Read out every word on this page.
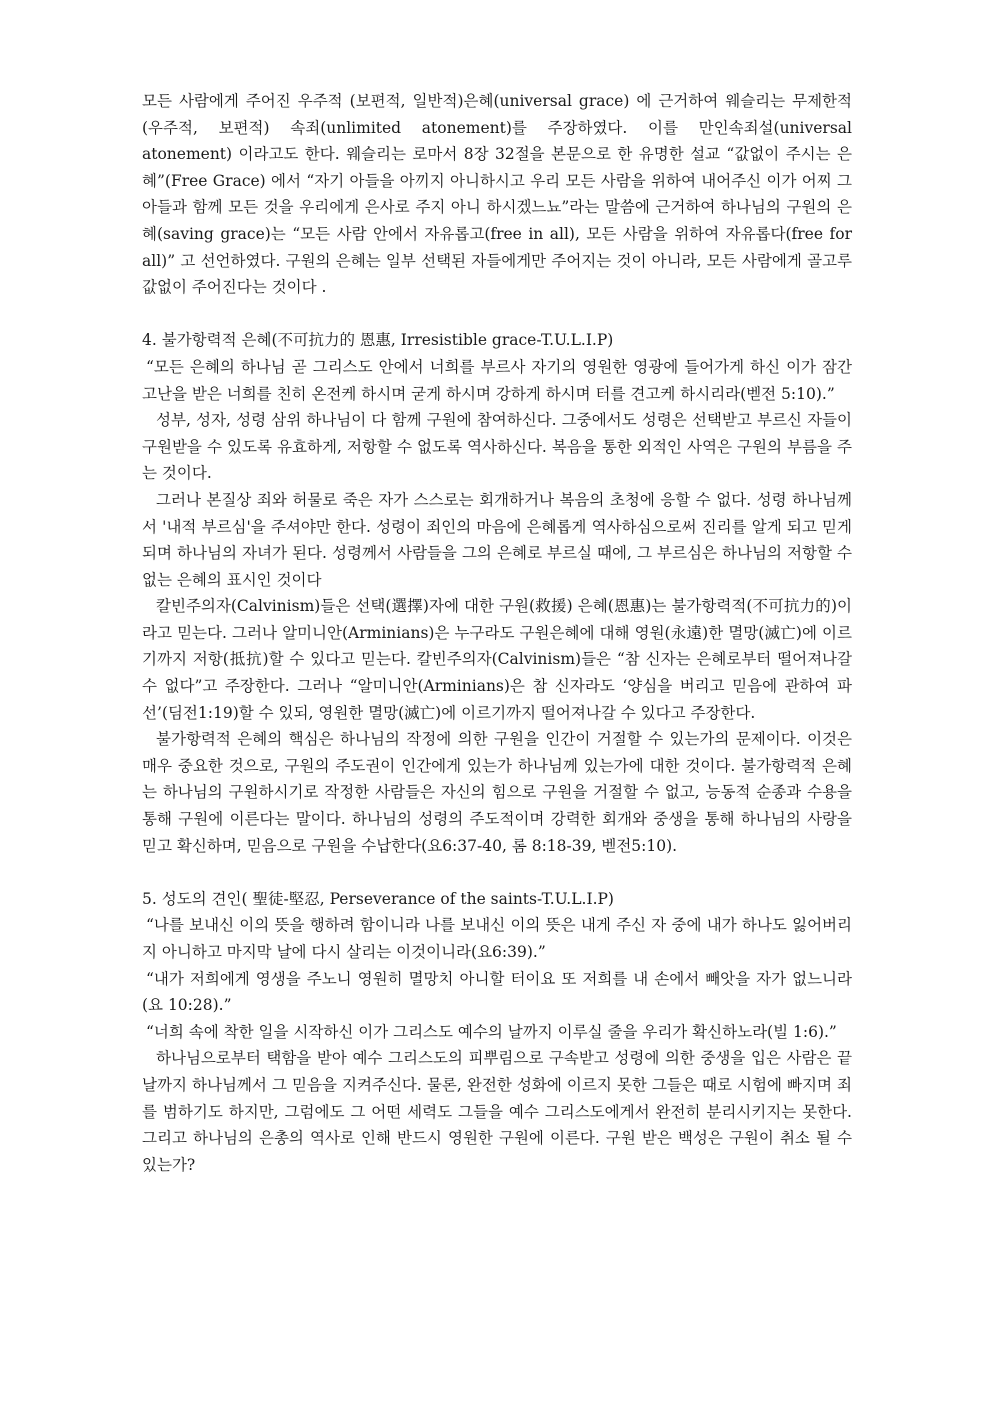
모든 사람에게 주어진 우주적 (보편적, 일반적)은혜(universal grace) 에 근거하여 웨슬리는 무제한적 (우주적, 보편적) 속죄(unlimited atonement)를 주장하였다. 이를 만인속죄설(universal atonement) 이라고도 한다. 웨슬리는 로마서 8장 32절을 본문으로 한 유명한 설교 “값없이 주시는 은혜”(Free Grace) 에서 “자기 아들을 아끼지 아니하시고 우리 모든 사람을 위하여 내어주신 이가 어찌 그 아들과 함께 모든 것을 우리에게 은사로 주지 아니 하시겠느뇨”라는 말씀에 근거하여 하나님의 구원의 은혜(saving grace)는 “모든 사람 안에서 자유롭고(free in all), 모든 사람을 위하여 자유롭다(free for all)” 고 선언하였다. 구원의 은혜는 일부 선택된 자들에게만 주어지는 것이 아니라, 모든 사람에게 골고루 값없이 주어진다는 것이다 .

4. 불가항력적 은혜(不可抗力的 恩惠, Irresistible grace-T.U.L.I.P)

“모든 은혜의 하나님 곧 그리스도 안에서 너희를 부르사 자기의 영원한 영광에 들어가게 하신 이가 잠간 고난을 받은 너희를 친히 온전케 하시며 굳게 하시며 강하게 하시며 터를 견고케 하시리라(벧전 5:10).”

성부, 성자, 성령 삼위 하나님이 다 함께 구원에 참여하신다. 그중에서도 성령은 선택받고 부르신 자들이 구원받을 수 있도록 유효하게, 저항할 수 없도록 역사하신다. 복음을 통한 외적인 사역은 구원의 부름을 주는 것이다.

그러나 본질상 죄와 허물로 죽은 자가 스스로는 회개하거나 복음의 초청에 응할 수 없다. 성령 하나님께서 '내적 부르심'을 주셔야만 한다. 성령이 죄인의 마음에 은혜롭게 역사하심으로써 진리를 알게 되고 믿게 되며 하나님의 자녀가 된다. 성령께서 사람들을 그의 은혜로 부르실 때에, 그 부르심은 하나님의 저항할 수 없는 은혜의 표시인 것이다

칼빈주의자(Calvinism)들은 선택(選擇)자에 대한 구원(救援) 은혜(恩惠)는 불가항력적(不可抗力的)이라고 믿는다. 그러나 알미니안(Arminians)은 누구라도 구원은혜에 대해 영원(永遠)한 멸망(滅亡)에 이르기까지 저항(抵抗)할 수 있다고 믿는다. 칼빈주의자(Calvinism)들은 “참 신자는 은혜로부터 떨어져나갈 수 없다”고 주장한다. 그러나 “알미니안(Arminians)은 참 신자라도 ‘양심을 버리고 믿음에 관하여 파선’(딤전1:19)할 수 있되, 영원한 멸망(滅亡)에 이르기까지 떨어져나갈 수 있다고 주장한다.

불가항력적 은혜의 핵심은 하나님의 작정에 의한 구원을 인간이 거절할 수 있는가의 문제이다. 이것은 매우 중요한 것으로, 구원의 주도권이 인간에게 있는가 하나님께 있는가에 대한 것이다. 불가항력적 은혜는 하나님의 구원하시기로 작정한 사람들은 자신의 힘으로 구원을 거절할 수 없고, 능동적 순종과 수용을 통해 구원에 이른다는 말이다. 하나님의 성령의 주도적이며 강력한 회개와 중생을 통해 하나님의 사랑을 믿고 확신하며, 믿음으로 구원을 수납한다(요6:37-40, 롬 8:18-39, 벧전5:10).

5. 성도의 견인( 聖徒-堅忍, Perseverance of the saints-T.U.L.I.P)

“나를 보내신 이의 뜻을 행하려 함이니라 나를 보내신 이의 뜻은 내게 주신 자 중에 내가 하나도 잃어버리지 아니하고 마지막 날에 다시 살리는 이것이니라(요6:39).”

“내가 저희에게 영생을 주노니 영원히 멸망치 아니할 터이요 또 저희를 내 손에서 빼앗을 자가 없느니라(요 10:28).”

“너희 속에 착한 일을 시작하신 이가 그리스도 예수의 날까지 이루실 줄을 우리가 확신하노라(빌 1:6).”

하나님으로부터 택함을 받아 예수 그리스도의 피뿌림으로 구속받고 성령에 의한 중생을 입은 사람은 끝날까지 하나님께서 그 믿음을 지켜주신다. 물론, 완전한 성화에 이르지 못한 그들은 때로 시험에 빠지며 죄를 범하기도 하지만, 그럼에도 그 어떤 세력도 그들을 예수 그리스도에게서 완전히 분리시키지는 못한다. 그리고 하나님의 은총의 역사로 인해 반드시 영원한 구원에 이른다. 구원 받은 백성은 구원이 취소 될 수 있는가?
